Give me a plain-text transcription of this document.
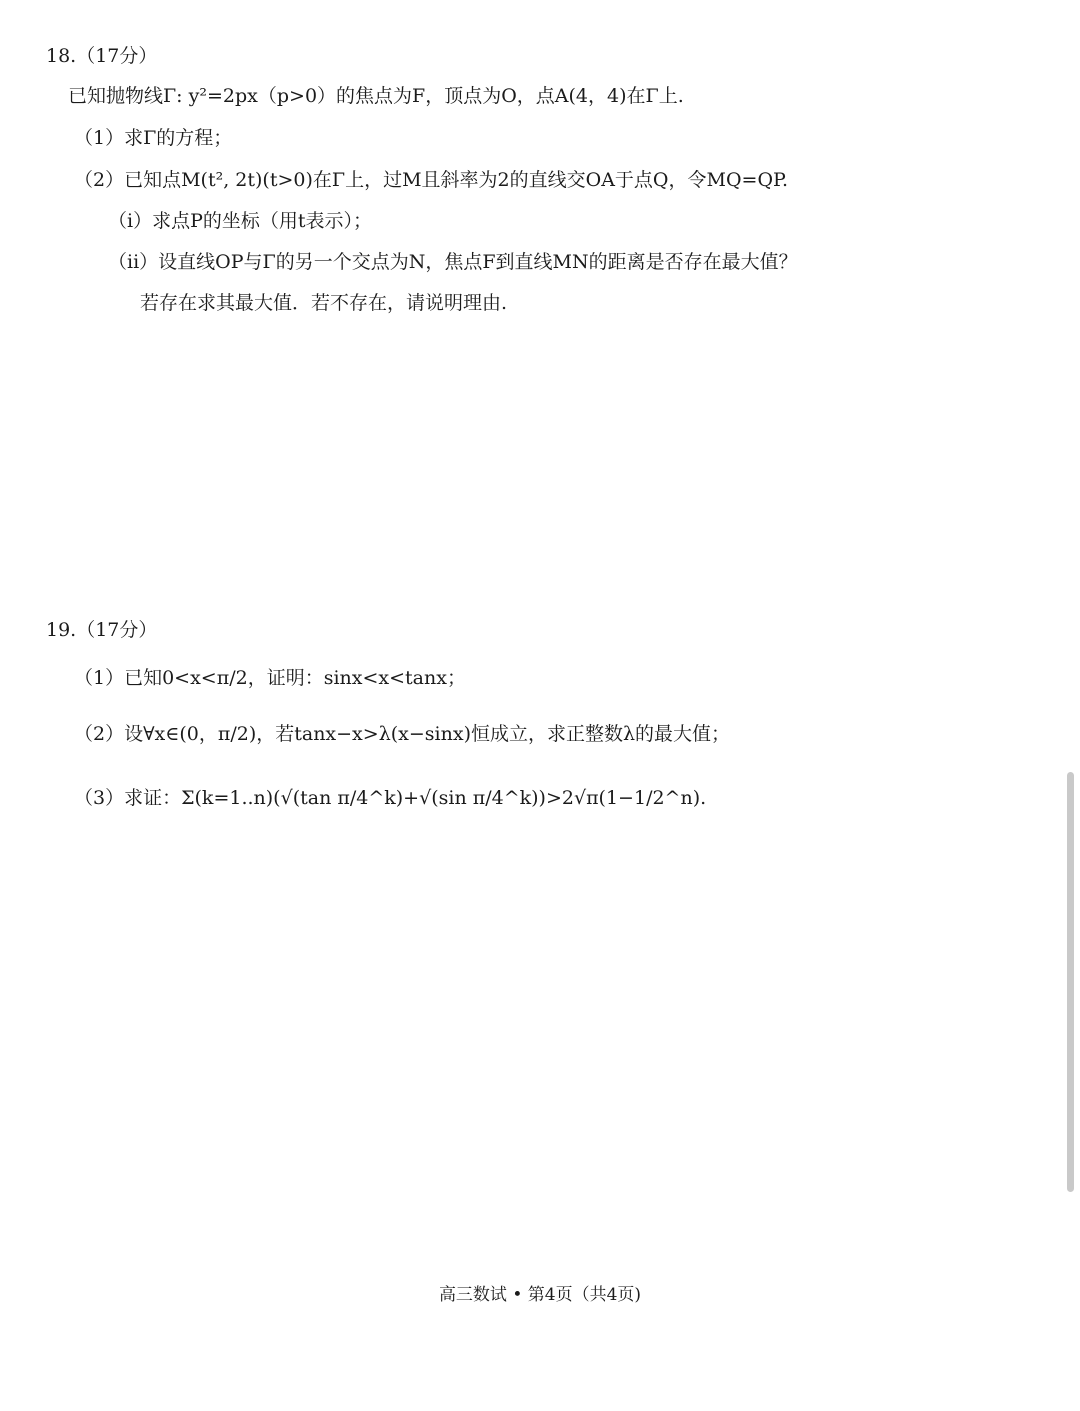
18.（17分）
已知抛物线Γ: y²=2px（p>0）的焦点为F，顶点为O，点A(4，4)在Γ上.
（1）求Γ的方程；
（2）已知点M(t², 2t)(t>0)在Γ上，过M且斜率为2的直线交OA于点Q，令MQ=QP.
（i）求点P的坐标（用t表示）；
（ii）设直线OP与Γ的另一个交点为N，焦点F到直线MN的距离是否存在最大值？
若存在求其最大值．若不存在，请说明理由.
19.（17分）
（1）已知0<x<π/2，证明：sinx<x<tanx；
（2）设∀x∈(0，π/2)，若tanx−x>λ(x−sinx)恒成立，求正整数λ的最大值；
（3）求证：Σ(k=1..n)(√(tan π/4^k)+√(sin π/4^k))>2√π(1−1/2^n).
高三数试 • 第4页（共4页)
